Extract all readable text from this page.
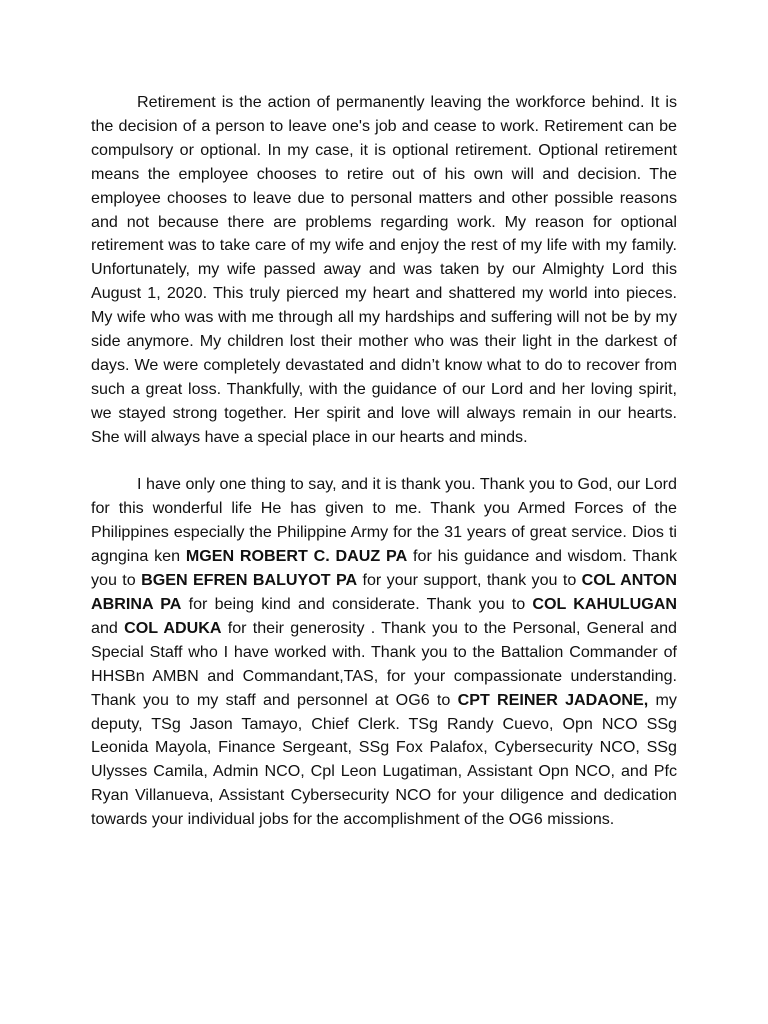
Retirement is the action of permanently leaving the workforce behind. It is the decision of a person to leave one's job and cease to work. Retirement can be compulsory or optional. In my case, it is optional retirement. Optional retirement means the employee chooses to retire out of his own will and decision. The employee chooses to leave due to personal matters and other possible reasons and not because there are problems regarding work. My reason for optional retirement was to take care of my wife and enjoy the rest of my life with my family. Unfortunately, my wife passed away and was taken by our Almighty Lord this August 1, 2020. This truly pierced my heart and shattered my world into pieces. My wife who was with me through all my hardships and suffering will not be by my side anymore. My children lost their mother who was their light in the darkest of days. We were completely devastated and didn’t know what to do to recover from such a great loss. Thankfully, with the guidance of our Lord and her loving spirit, we stayed strong together. Her spirit and love will always remain in our hearts. She will always have a special place in our hearts and minds.

I have only one thing to say, and it is thank you. Thank you to God, our Lord for this wonderful life He has given to me. Thank you Armed Forces of the Philippines especially the Philippine Army for the 31 years of great service. Dios ti agngina ken MGEN ROBERT C. DAUZ PA for his guidance and wisdom. Thank you to BGEN EFREN BALUYOT PA for your support, thank you to COL ANTON ABRINA PA for being kind and considerate. Thank you to COL KAHULUGAN and COL ADUKA for their generosity . Thank you to the Personal, General and Special Staff who I have worked with. Thank you to the Battalion Commander of HHSBn AMBN and Commandant,TAS, for your compassionate understanding. Thank you to my staff and personnel at OG6 to CPT REINER JADAONE, my deputy, TSg Jason Tamayo, Chief Clerk. TSg Randy Cuevo, Opn NCO SSg Leonida Mayola, Finance Sergeant, SSg Fox Palafox, Cybersecurity NCO, SSg Ulysses Camila, Admin NCO, Cpl Leon Lugatiman, Assistant Opn NCO, and Pfc Ryan Villanueva, Assistant Cybersecurity NCO for your diligence and dedication towards your individual jobs for the accomplishment of the OG6 missions.
